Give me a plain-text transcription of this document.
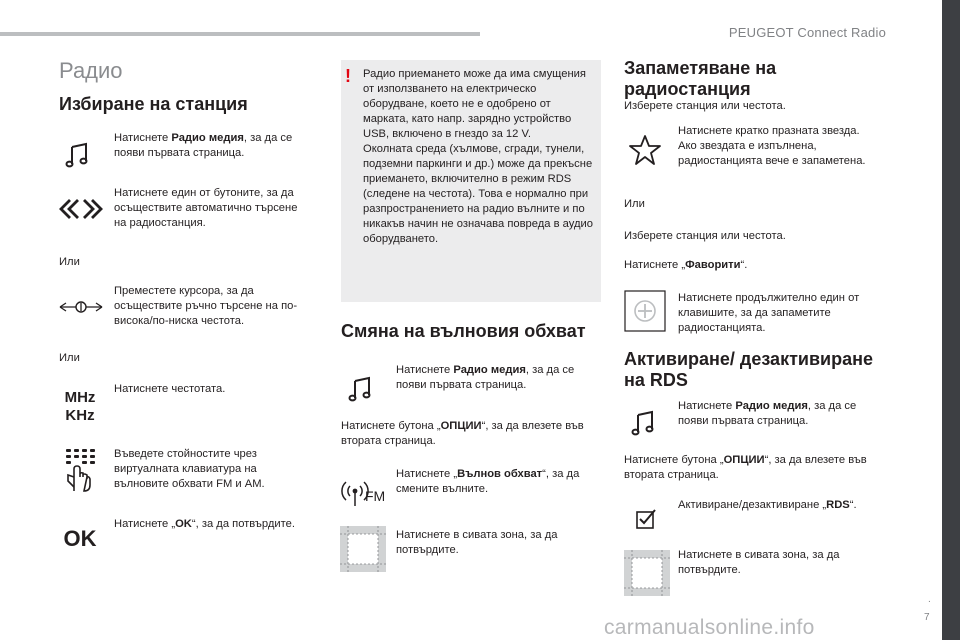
PEUGEOT Connect Radio
Радио
Избиране на станция
Натиснете Радио медия, за да се появи първата страница.
Натиснете един от бутоните, за да осъществите автоматично търсене на радиостанция.
Или
Преместете курсора, за да осъществите ръчно търсене на по-висока/по-ниска честота.
Или
MHz
KHz
Натиснете честотата.
Въведете стойностите чрез виртуалната клавиатура на вълновите обхвати FM и AM.
OK
Натиснете „OK“, за да потвърдите.
!	Радио приемането може да има смущения от използването на електрическо оборудване, което не е одобрено от марката, като напр. зарядно устройство USB, включено в гнездо за 12 V.
Околната среда (хълмове, сгради, тунели, подземни паркинги и др.) може да прекъсне приемането, включително в режим RDS (следене на честота). Това е нормално при разпространението на радио вълните и по никакъв начин не означава повреда в аудио оборудването.
Смяна на вълновия обхват
Натиснете Радио медия, за да се появи първата страница.
Натиснете бутона „ОПЦИИ“, за да влезете във втората страница.
FM
Натиснете „Вълнов обхват“, за да смените вълните.
Натиснете в сивата зона, за да потвърдите.
Запаметяване на радиостанция
Изберете станция или честота.
Натиснете кратко празната звезда. Ако звездата е изпълнена, радиостанцията вече е запаметена.
Или
Изберете станция или честота.
Натиснете „Фаворити“.
Натиснете продължително един от клавишите, за да запаметите радиостанцията.
Активиране/ дезактивиране на RDS
Натиснете Радио медия, за да се появи първата страница.
Натиснете бутона „ОПЦИИ“, за да влезете във втората страница.
Активиране/дезактивиране „RDS“.
Натиснете в сивата зона, за да потвърдите.
.
7
carmanualsonline.info
